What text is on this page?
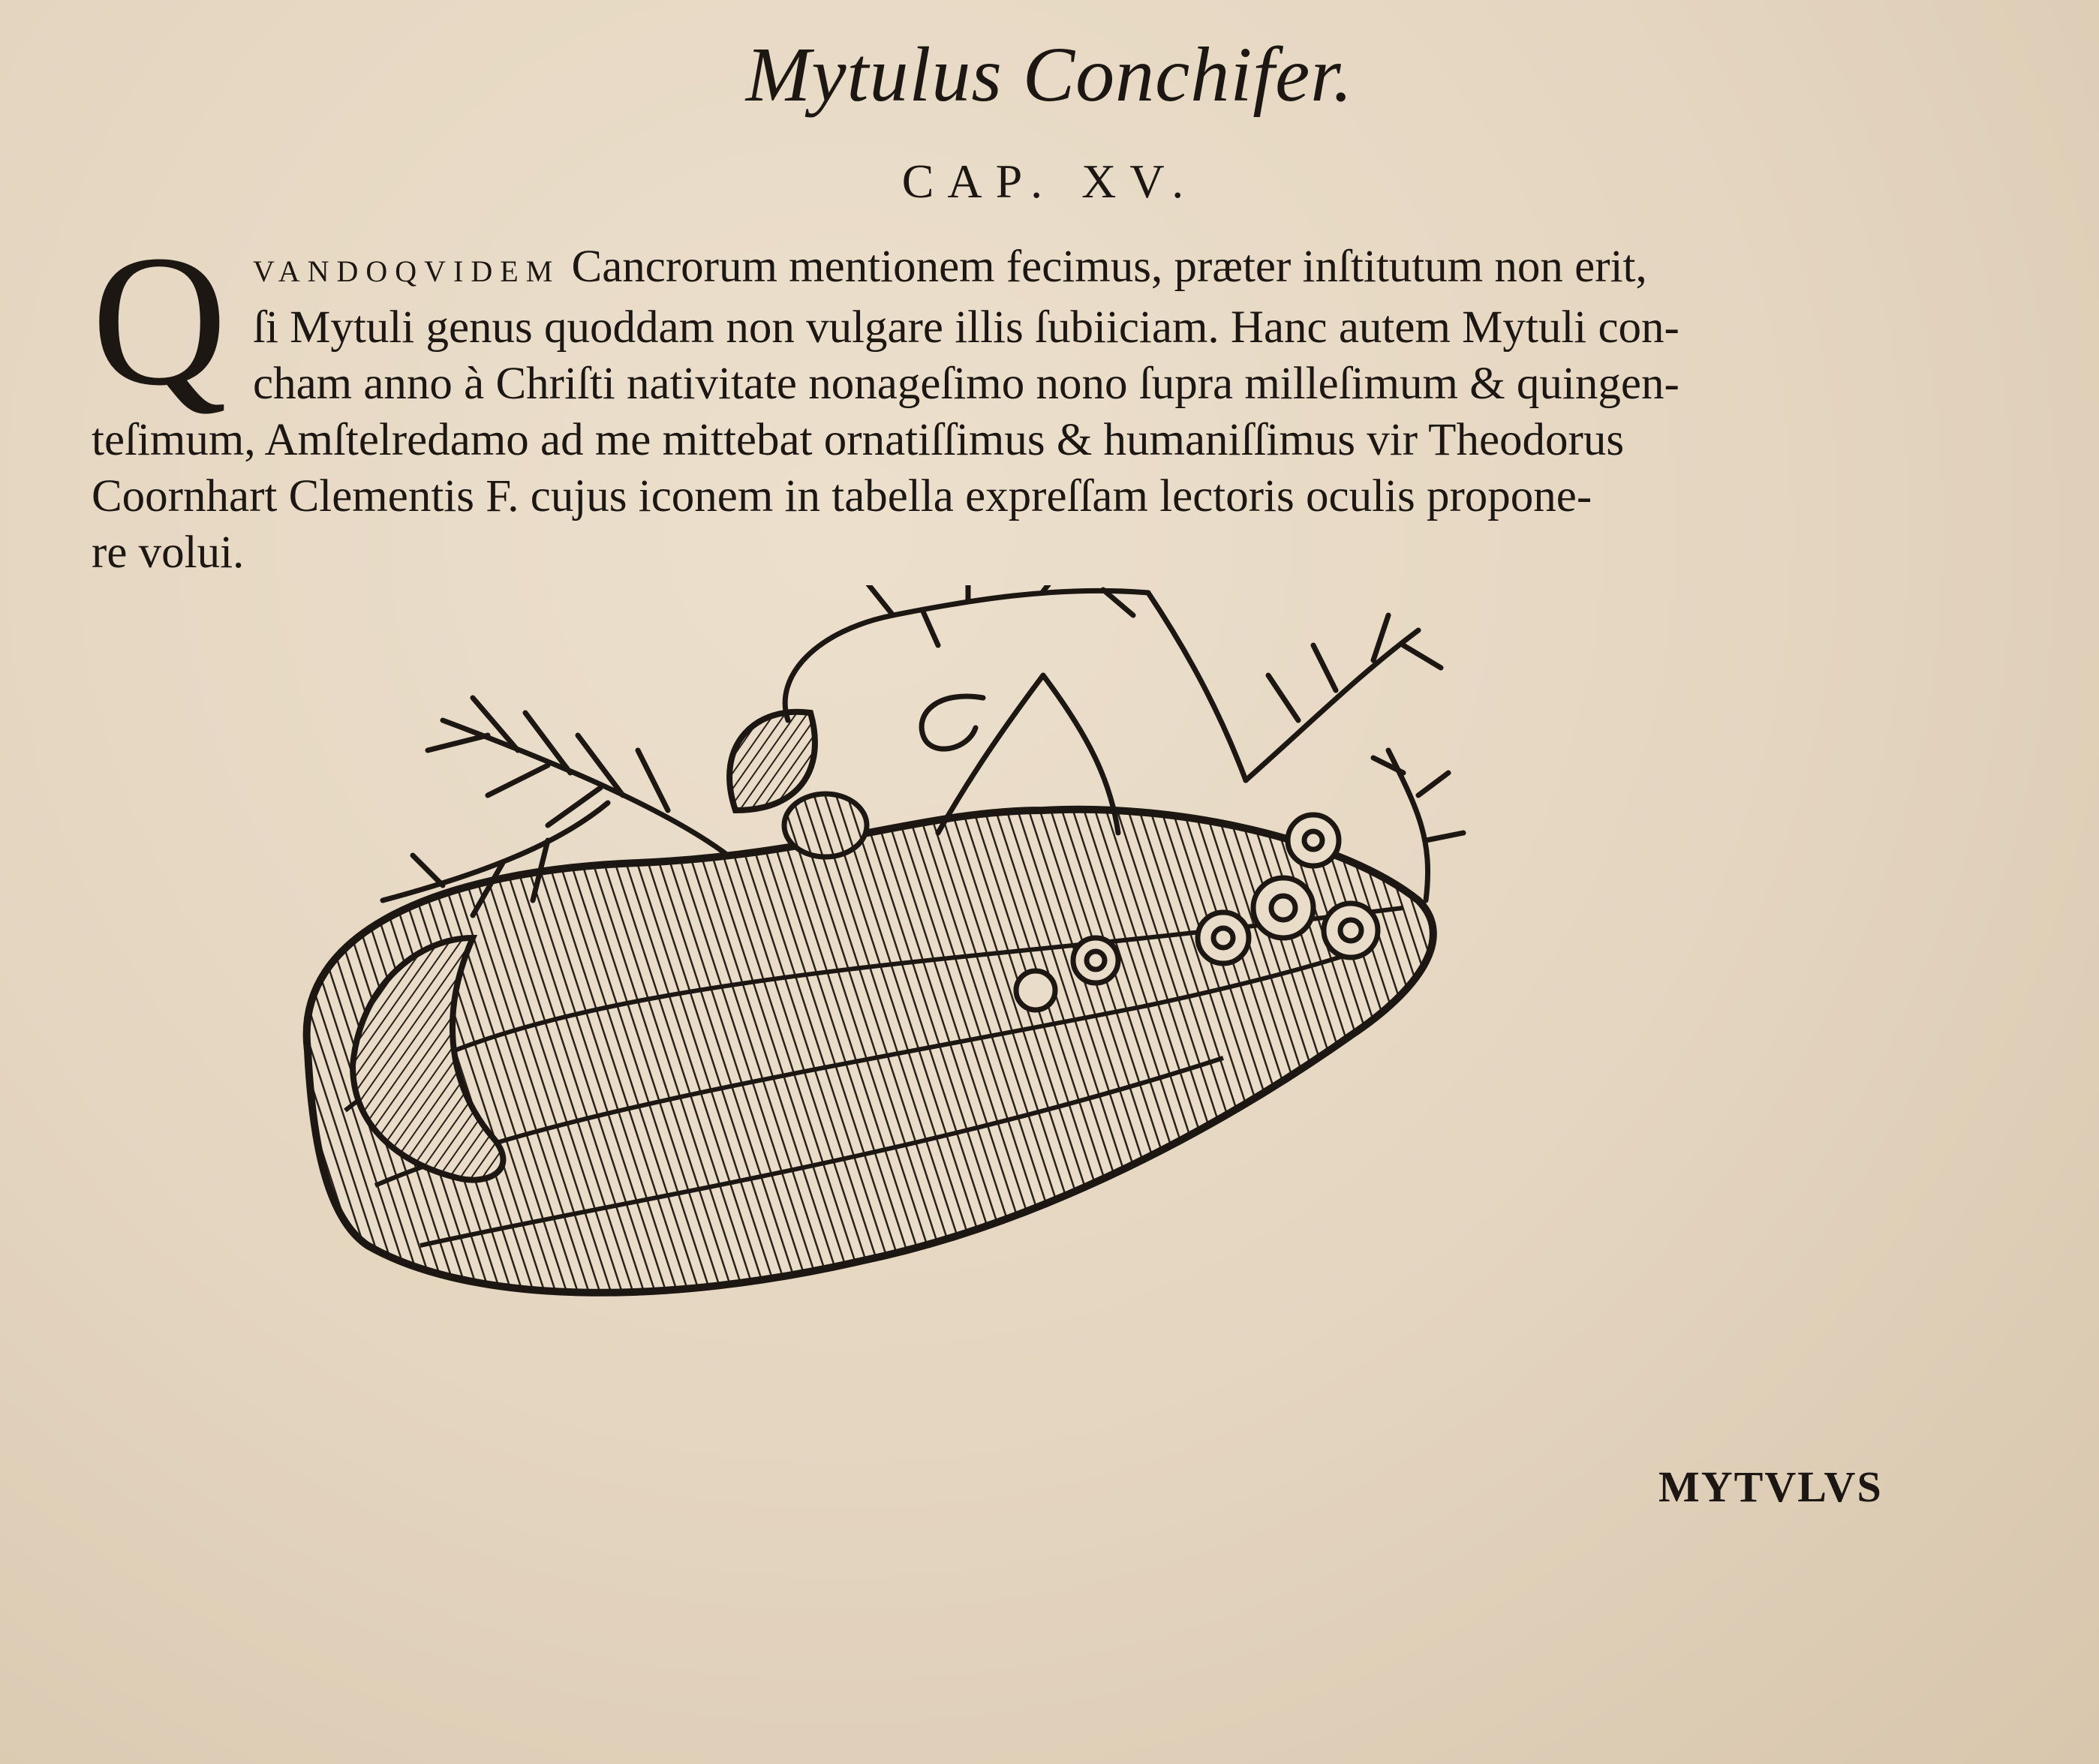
Mytulus Conchifer.
CAP. XV.
Q VANDOQVIDEM Cancrorum mentionem fecimus, præter inſtitutum non erit,
ſi Mytuli genus quoddam non vulgare illis ſubiiciam. Hanc autem Mytuli con-
cham anno à Chriſti nativitate nonageſimo nono ſupra milleſimum & quingen-
teſimum, Amſtelredamo ad me mittebat ornatiſſimus & humaniſſimus vir Theodorus
Coornhart Clementis F. cujus iconem in tabella expreſſam lectoris oculis propone-
re volui.
MYTVLVS
